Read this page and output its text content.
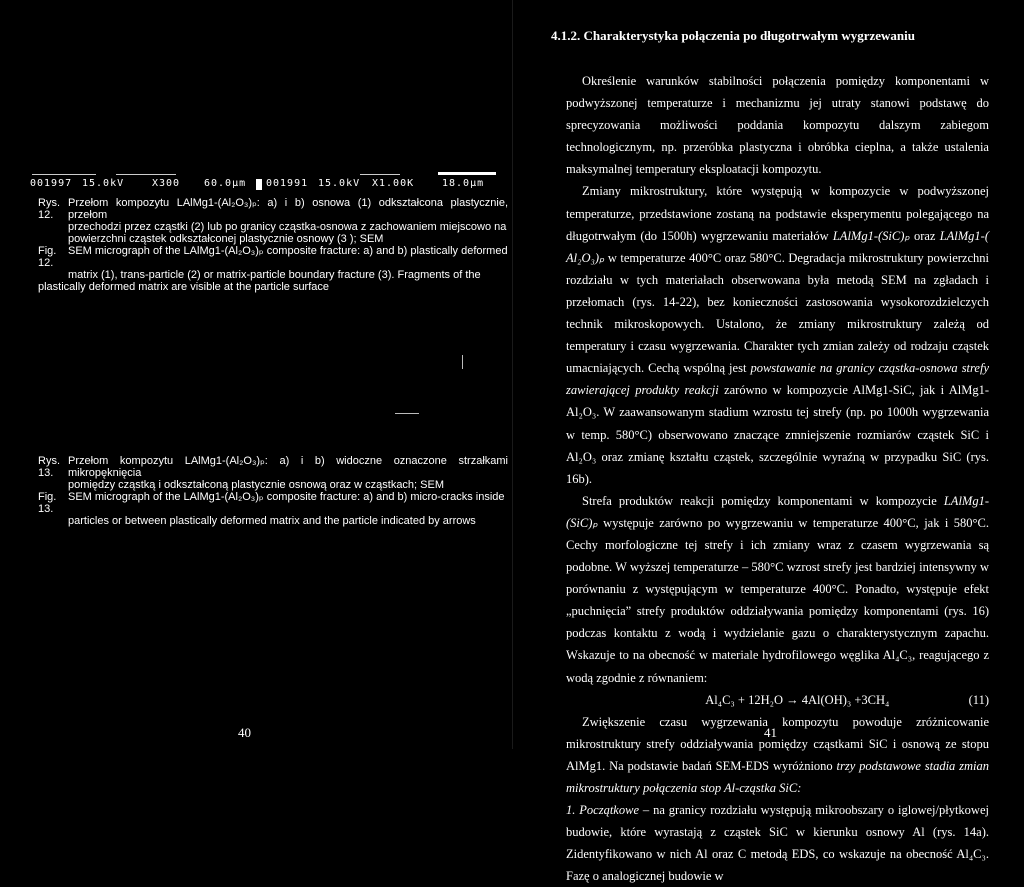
001997 15.0kV	X300 60.0µm 001991 15.0kV X1.00K	18.0µm
Rys. 12.
Przełom kompozytu LAlMg1-(Al₂O₃)ₚ: a) i b) osnowa (1) odkształcona plastycznie, przełom
przechodzi przez cząstki (2) lub po granicy cząstka-osnowa z zachowaniem miejscowo na
powierzchni cząstek odkształconej plastycznie osnowy (3 ); SEM
Fig. 12.
SEM micrograph of the LAlMg1-(Al₂O₃)ₚ composite fracture: a) and b) plastically deformed
matrix (1), trans-particle (2) or matrix-particle boundary fracture (3). Fragments of the
plastically deformed matrix are visible at the particle surface
Rys. 13.
Przełom kompozytu LAlMg1-(Al₂O₃)ₚ: a) i b) widoczne oznaczone strzałkami mikropęknięcia
pomiędzy cząstką i odkształconą plastycznie osnową oraz w cząstkach; SEM
Fig. 13.
SEM micrograph of the LAlMg1-(Al₂O₃)ₚ composite fracture: a) and b) micro-cracks inside
particles or between plastically deformed matrix and the particle indicated by arrows
40
4.1.2. Charakterystyka połączenia po długotrwałym wygrzewaniu

Określenie warunków stabilności połączenia pomiędzy komponentami w podwyższonej temperaturze i mechanizmu jej utraty stanowi podstawę do sprecyzowania możliwości poddania kompozytu dalszym zabiegom technologicznym, np. przeróbka plastyczna i obróbka cieplna, a także ustalenia maksymalnej temperatury eksploatacji kompozytu.

Zmiany mikrostruktury, które występują w kompozycie w podwyższonej temperaturze, przedstawione zostaną na podstawie eksperymentu polegającego na długotrwałym (do 1500h) wygrzewaniu materiałów LAlMg1-(SiC)ₚ oraz LAlMg1-( Al₂O₃)ₚ w temperaturze 400°C oraz 580°C. Degradacja mikrostruktury powierzchni rozdziału w tych materiałach obserwowana była metodą SEM na zgładach i przełomach (rys. 14-22), bez konieczności zastosowania wysokorozdzielczych technik mikroskopowych. Ustalono, że zmiany mikrostruktury zależą od temperatury i czasu wygrzewania. Charakter tych zmian zależy od rodzaju cząstek umacniających. Cechą wspólną jest powstawanie na granicy cząstka-osnowa strefy zawierającej produkty reakcji zarówno w kompozycie AlMg1-SiC, jak i AlMg1-Al₂O₃. W zaawansowanym stadium wzrostu tej strefy (np. po 1000h wygrzewania w temp. 580°C) obserwowano znaczące zmniejszenie rozmiarów cząstek SiC i Al₂O₃ oraz zmianę kształtu cząstek, szczególnie wyraźną w przypadku SiC (rys. 16b).

Strefa produktów reakcji pomiędzy komponentami w kompozycie LAlMg1-(SiC)ₚ występuje zarówno po wygrzewaniu w temperaturze 400°C, jak i 580°C. Cechy morfologiczne tej strefy i ich zmiany wraz z czasem wygrzewania są podobne. W wyższej temperaturze – 580°C wzrost strefy jest bardziej intensywny w porównaniu z występującym w temperaturze 400°C. Ponadto, występuje efekt „puchnięcia” strefy produktów oddziaływania pomiędzy komponentami (rys. 16) podczas kontaktu z wodą i wydzielanie gazu o charakterystycznym zapachu. Wskazuje to na obecność w materiale hydrofilowego węglika Al₄C₃, reagującego z wodą zgodnie z równaniem:

Al₄C₃ + 12H₂O → 4Al(OH)₃ +3CH₄	(11)

Zwiększenie czasu wygrzewania kompozytu powoduje zróżnicowanie mikrostruktury strefy oddziaływania pomiędzy cząstkami SiC i osnową ze stopu AlMg1. Na podstawie badań SEM-EDS wyróżniono trzy podstawowe stadia zmian mikrostruktury połączenia stop Al-cząstka SiC:

1. Początkowe – na granicy rozdziału występują mikroobszary o iglowej/płytkowej budowie, które wyrastają z cząstek SiC w kierunku osnowy Al (rys. 14a). Zidentyfikowano w nich Al oraz C metodą EDS, co wskazuje na obecność Al₄C₃. Fazę o analogicznej budowie w

41
